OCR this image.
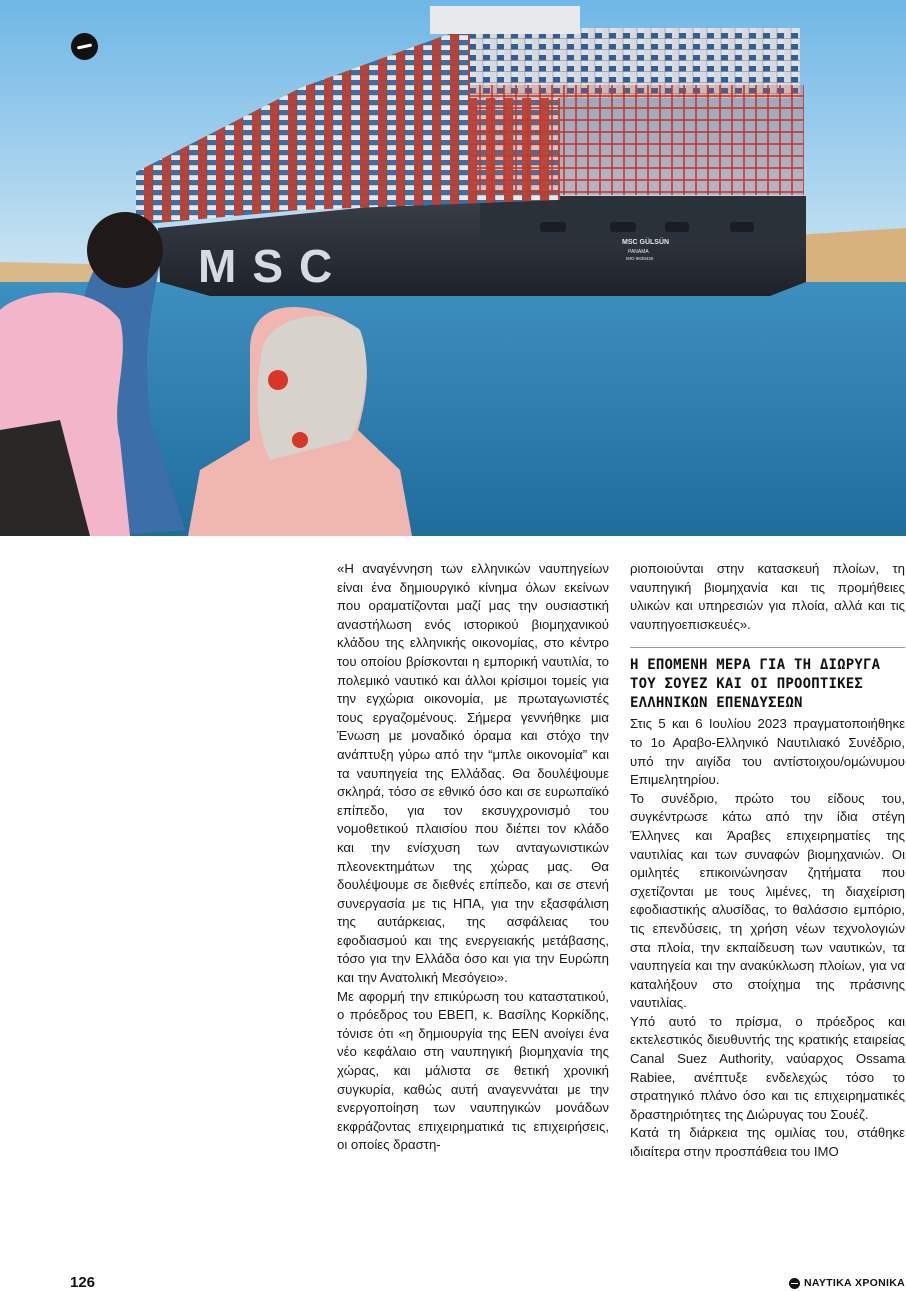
MSC	MSC GÜLSÜN
PANAMA
IMO 9839430

«Η αναγέννηση των ελληνικών ναυπηγείων είναι ένα δημιουργικό κίνημα όλων εκείνων που οραματίζονται μαζί μας την ουσιαστική αναστήλωση ενός ιστορικού βιομηχανικού κλάδου της ελληνικής οικονομίας, στο κέντρο του οποίου βρίσκονται η εμπορική ναυτιλία, το πολεμικό ναυτικό και άλλοι κρίσιμοι τομείς για την εγχώρια οικονομία, με πρωταγωνιστές τους εργαζομένους. Σήμερα γεννήθηκε μια Ένωση με μοναδικό όραμα και στόχο την ανάπτυξη γύρω από την “μπλε οικονομία” και τα ναυπηγεία της Ελλάδας. Θα δουλέψουμε σκληρά, τόσο σε εθνικό όσο και σε ευρωπαϊκό επίπεδο, για τον εκσυγχρονισμό του νομοθετικού πλαισίου που διέπει τον κλάδο και την ενίσχυση των ανταγωνιστικών πλεονεκτημάτων της χώρας μας. Θα δουλέψουμε σε διεθνές επίπεδο, και σε στενή συνεργασία με τις ΗΠΑ, για την εξασφάλιση της αυτάρκειας, της ασφάλειας του εφοδιασμού και της ενεργειακής μετάβασης, τόσο για την Ελλάδα όσο και για την Ευρώπη και την Ανατολική Μεσόγειο».

Με αφορμή την επικύρωση του καταστατικού, ο πρόεδρος του ΕΒΕΠ, κ. Βασίλης Κορκίδης, τόνισε ότι «η δημιουργία της ΕΕΝ ανοίγει ένα νέο κεφάλαιο στη ναυπηγική βιομηχανία της χώρας, και μάλιστα σε θετική χρονική συγκυρία, καθώς αυτή αναγεννάται με την ενεργοποίηση των ναυπηγικών μονάδων εκφράζοντας επιχειρηματικά τις επιχειρήσεις, οι οποίες δραστη-

ριοποιούνται στην κατασκευή πλοίων, τη ναυπηγική βιομηχανία και τις προμήθειες υλικών και υπηρεσιών για πλοία, αλλά και τις ναυπηγοεπισκευές».

Η ΕΠΟΜΕΝΗ ΜΕΡΑ ΓΙΑ ΤΗ ΔΙΩΡΥΓΑ ΤΟΥ ΣΟΥΕΖ ΚΑΙ ΟΙ ΠΡΟΟΠΤΙΚΕΣ ΕΛΛΗΝΙΚΩΝ ΕΠΕΝΔΥΣΕΩΝ

Στις 5 και 6 Ιουλίου 2023 πραγματοποιήθηκε το 1ο Αραβο-Ελληνικό Ναυτιλιακό Συνέδριο, υπό την αιγίδα του αντίστοιχου/ομώνυμου Επιμελητηρίου.

Το συνέδριο, πρώτο του είδους του, συγκέντρωσε κάτω από την ίδια στέγη Έλληνες και Άραβες επιχειρηματίες της ναυτιλίας και των συναφών βιομηχανιών. Οι ομιλητές επικοινώνησαν ζητήματα που σχετίζονται με τους λιμένες, τη διαχείριση εφοδιαστικής αλυσίδας, το θαλάσσιο εμπόριο, τις επενδύσεις, τη χρήση νέων τεχνολογιών στα πλοία, την εκπαίδευση των ναυτικών, τα ναυπηγεία και την ανακύκλωση πλοίων, για να καταλήξουν στο στοίχημα της πράσινης ναυτιλίας.

Υπό αυτό το πρίσμα, ο πρόεδρος και εκτελεστικός διευθυντής της κρατικής εταιρείας Canal Suez Authority, ναύαρχος Ossama Rabiee, ανέπτυξε ενδελεχώς τόσο το στρατηγικό πλάνο όσο και τις επιχειρηματικές δραστηριότητες της Διώρυγας του Σουέζ.

Κατά τη διάρκεια της ομιλίας του, στάθηκε ιδιαίτερα στην προσπάθεια του IMO

126	ΝΑΥΤΙΚΑ ΧΡΟΝΙΚΑ
